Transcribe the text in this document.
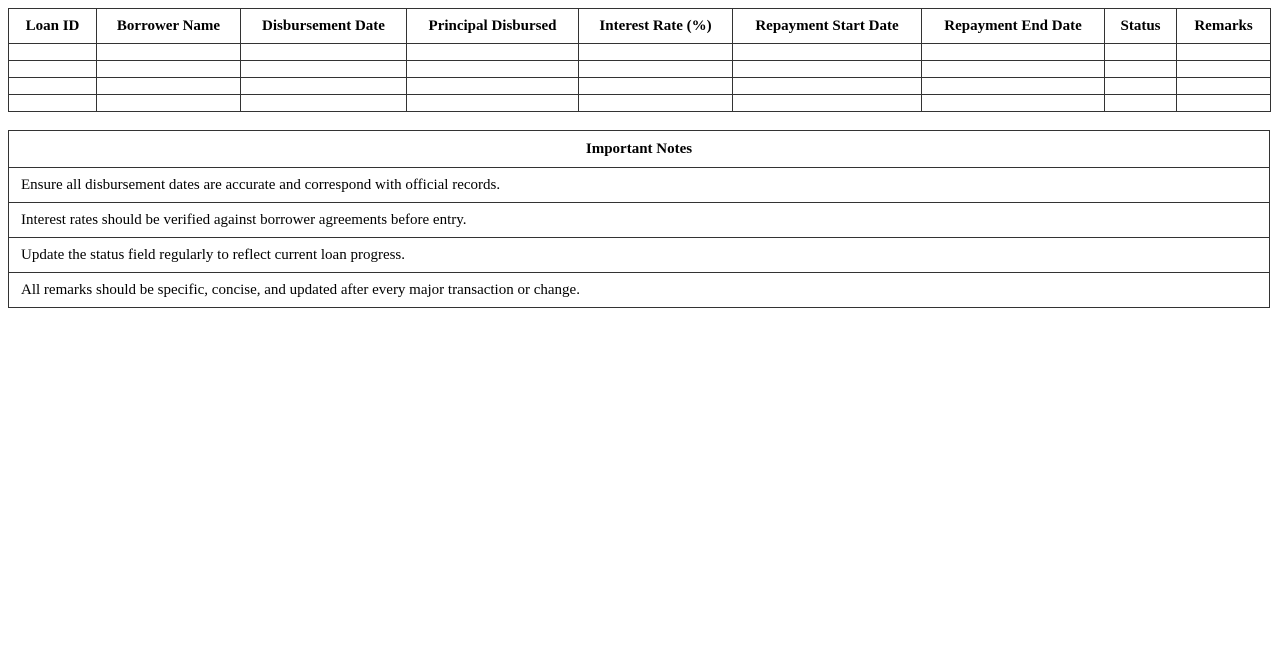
Loan ID	Borrower Name	Disbursement Date	Principal Disbursed	Interest Rate (%)	Repayment Start Date	Repayment End Date	Status	Remarks

Important Notes
Ensure all disbursement dates are accurate and correspond with official records.
Interest rates should be verified against borrower agreements before entry.
Update the status field regularly to reflect current loan progress.
All remarks should be specific, concise, and updated after every major transaction or change.
